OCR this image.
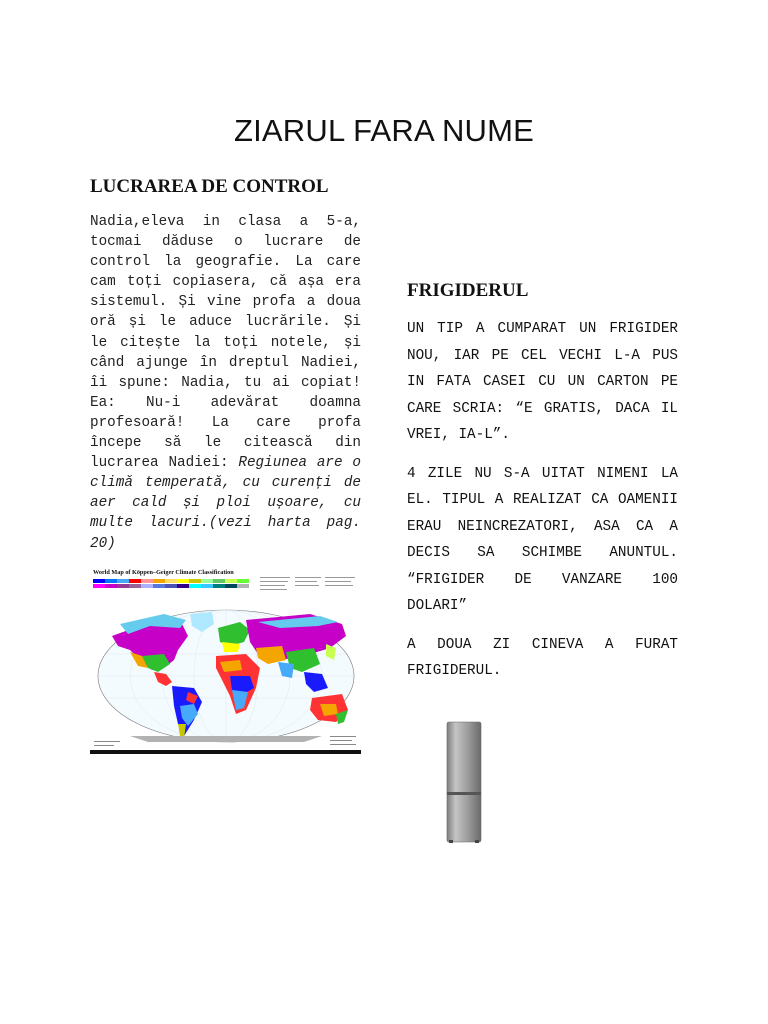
ZIARUL FARA NUME
LUCRAREA DE CONTROL

Nadia,eleva in clasa a 5-a, tocmai dăduse o lucrare de control la geografie. La care cam toți copiasera, că așa era sistemul. Și vine profa a doua oră și le aduce lucrările. Și le citește la toți notele, și când ajunge în dreptul Nadiei, îi spune: Nadia, tu ai copiat! Ea: Nu-i adevărat doamna profesoară! La care profa începe să le citească din lucrarea Nadiei: Regiunea are o climă temperată, cu curenți de aer cald și ploi ușoare, cu multe lacuri.(vezi harta pag. 20)

World Map of Köppen–Geiger Climate Classification
FRIGIDERUL

UN TIP A CUMPARAT UN FRIGIDER NOU, IAR PE CEL VECHI L-A PUS IN FATA CASEI CU UN CARTON PE CARE SCRIA: “E GRATIS, DACA IL VREI, IA-L”.

4 ZILE NU S-A UITAT NIMENI LA EL. TIPUL A REALIZAT CA OAMENII ERAU NEINCREZATORI, ASA CA A DECIS SA SCHIMBE ANUNTUL. “FRIGIDER DE VANZARE 100 DOLARI”

A DOUA ZI CINEVA A FURAT FRIGIDERUL.
